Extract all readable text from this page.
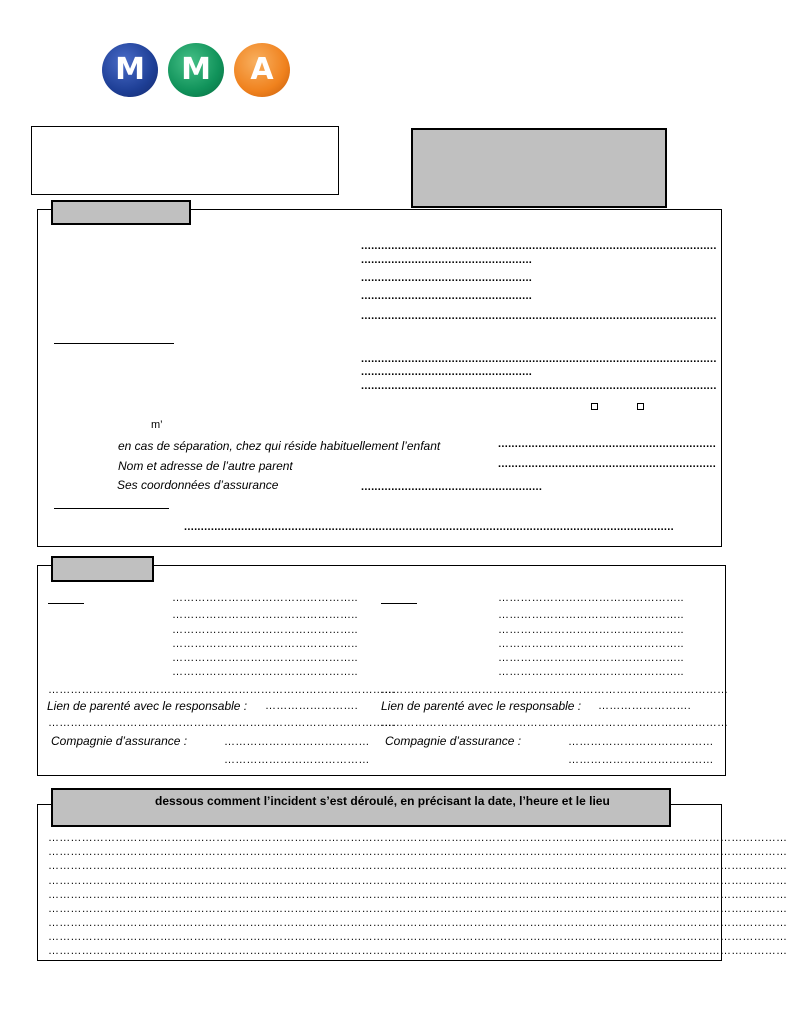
M	M	A
..........................................................................................................
...................................................
...................................................
...................................................
..........................................................................................................
..........................................................................................................
...................................................
..........................................................................................................
m’
en cas de séparation, chez qui réside habituellement l’enfant	.................................................................
Nom et adresse de l’autre parent	.................................................................
Ses coordonnées d’assurance	......................................................
..................................................................................................................................................
…………………………………………..
…………………………………………..
…………………………………………..
…………………………………………..
…………………………………………..
…………………………………………..
…………………………………………..
…………………………………………..
…………………………………………..
…………………………………………..
…………………………………………..
…………………………………………..
…………………………………………………………………………………
…………………………………………………………………………………
Lien de parenté avec le responsable : …………………….	Lien de parenté avec le responsable : …………………….
…………………………………………………………………………………
…………………………………………………………………………………
Compagnie d’assurance :	…………………………………
…………………………………
Compagnie d’assurance :	…………………………………
…………………………………
dessous comment l’incident s’est déroulé, en précisant la date, l’heure et le lieu
………………………………………………………………………………………………………………………………………………………………………………
………………………………………………………………………………………………………………………………………………………………………………
………………………………………………………………………………………………………………………………………………………………………………
………………………………………………………………………………………………………………………………………………………………………………
………………………………………………………………………………………………………………………………………………………………………………
………………………………………………………………………………………………………………………………………………………………………………
………………………………………………………………………………………………………………………………………………………………………………
………………………………………………………………………………………………………………………………………………………………………………
………………………………………………………………………………………………………………………………………………………………………………
